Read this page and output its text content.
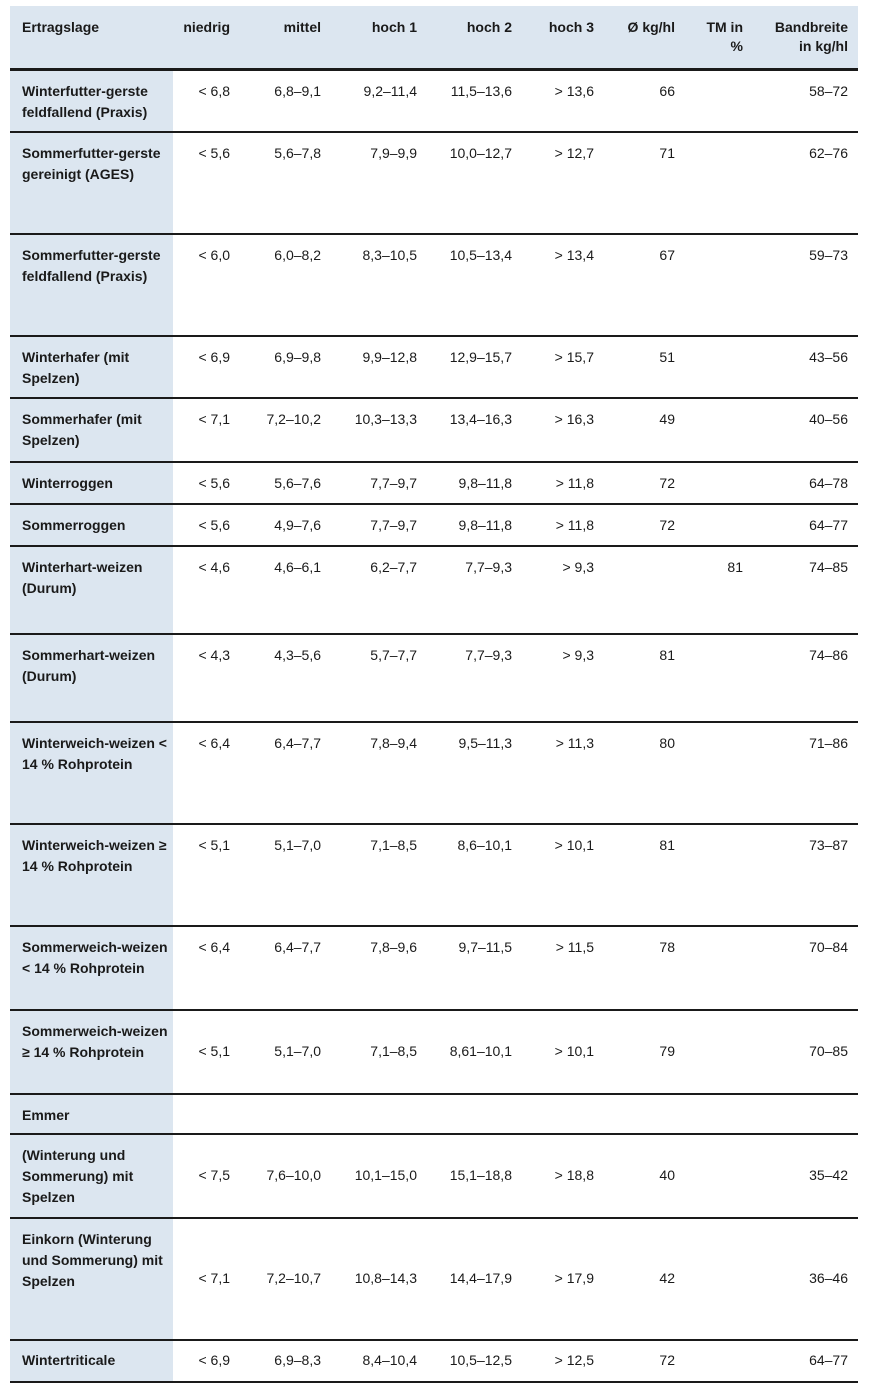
Ertragslage	niedrig	mittel	hoch 1	hoch 2	hoch 3	Ø kg/hl	TM in %	Bandbreite in kg/hl
Winterfutter-gerste feldfallend (Praxis)	< 6,8	6,8–9,1	9,2–11,4	11,5–13,6	> 13,6	66		58–72
Sommerfutter-gerste gereinigt (AGES)	< 5,6	5,6–7,8	7,9–9,9	10,0–12,7	> 12,7	71		62–76
Sommerfutter-gerste feldfallend (Praxis)	< 6,0	6,0–8,2	8,3–10,5	10,5–13,4	> 13,4	67		59–73
Winterhafer (mit Spelzen)	< 6,9	6,9–9,8	9,9–12,8	12,9–15,7	> 15,7	51		43–56
Sommerhafer (mit Spelzen)	< 7,1	7,2–10,2	10,3–13,3	13,4–16,3	> 16,3	49		40–56
Winterroggen	< 5,6	5,6–7,6	7,7–9,7	9,8–11,8	> 11,8	72		64–78
Sommerroggen	< 5,6	4,9–7,6	7,7–9,7	9,8–11,8	> 11,8	72		64–77
Winterhart-weizen (Durum)	< 4,6	4,6–6,1	6,2–7,7	7,7–9,3	> 9,3		81	74–85
Sommerhart-weizen (Durum)	< 4,3	4,3–5,6	5,7–7,7	7,7–9,3	> 9,3	81		74–86
Winterweich-weizen < 14 % Rohprotein	< 6,4	6,4–7,7	7,8–9,4	9,5–11,3	> 11,3	80		71–86
Winterweich-weizen ≥ 14 % Rohprotein	< 5,1	5,1–7,0	7,1–8,5	8,6–10,1	> 10,1	81		73–87
Sommerweich-weizen < 14 % Rohprotein	< 6,4	6,4–7,7	7,8–9,6	9,7–11,5	> 11,5	78		70–84
Sommerweich-weizen ≥ 14 % Rohprotein	< 5,1	5,1–7,0	7,1–8,5	8,61–10,1	> 10,1	79		70–85
Emmer								
(Winterung und Sommerung) mit Spelzen	< 7,5	7,6–10,0	10,1–15,0	15,1–18,8	> 18,8	40		35–42
Einkorn (Winterung und Sommerung) mit Spelzen	< 7,1	7,2–10,7	10,8–14,3	14,4–17,9	> 17,9	42		36–46
Wintertriticale	< 6,9	6,9–8,3	8,4–10,4	10,5–12,5	> 12,5	72		64–77
